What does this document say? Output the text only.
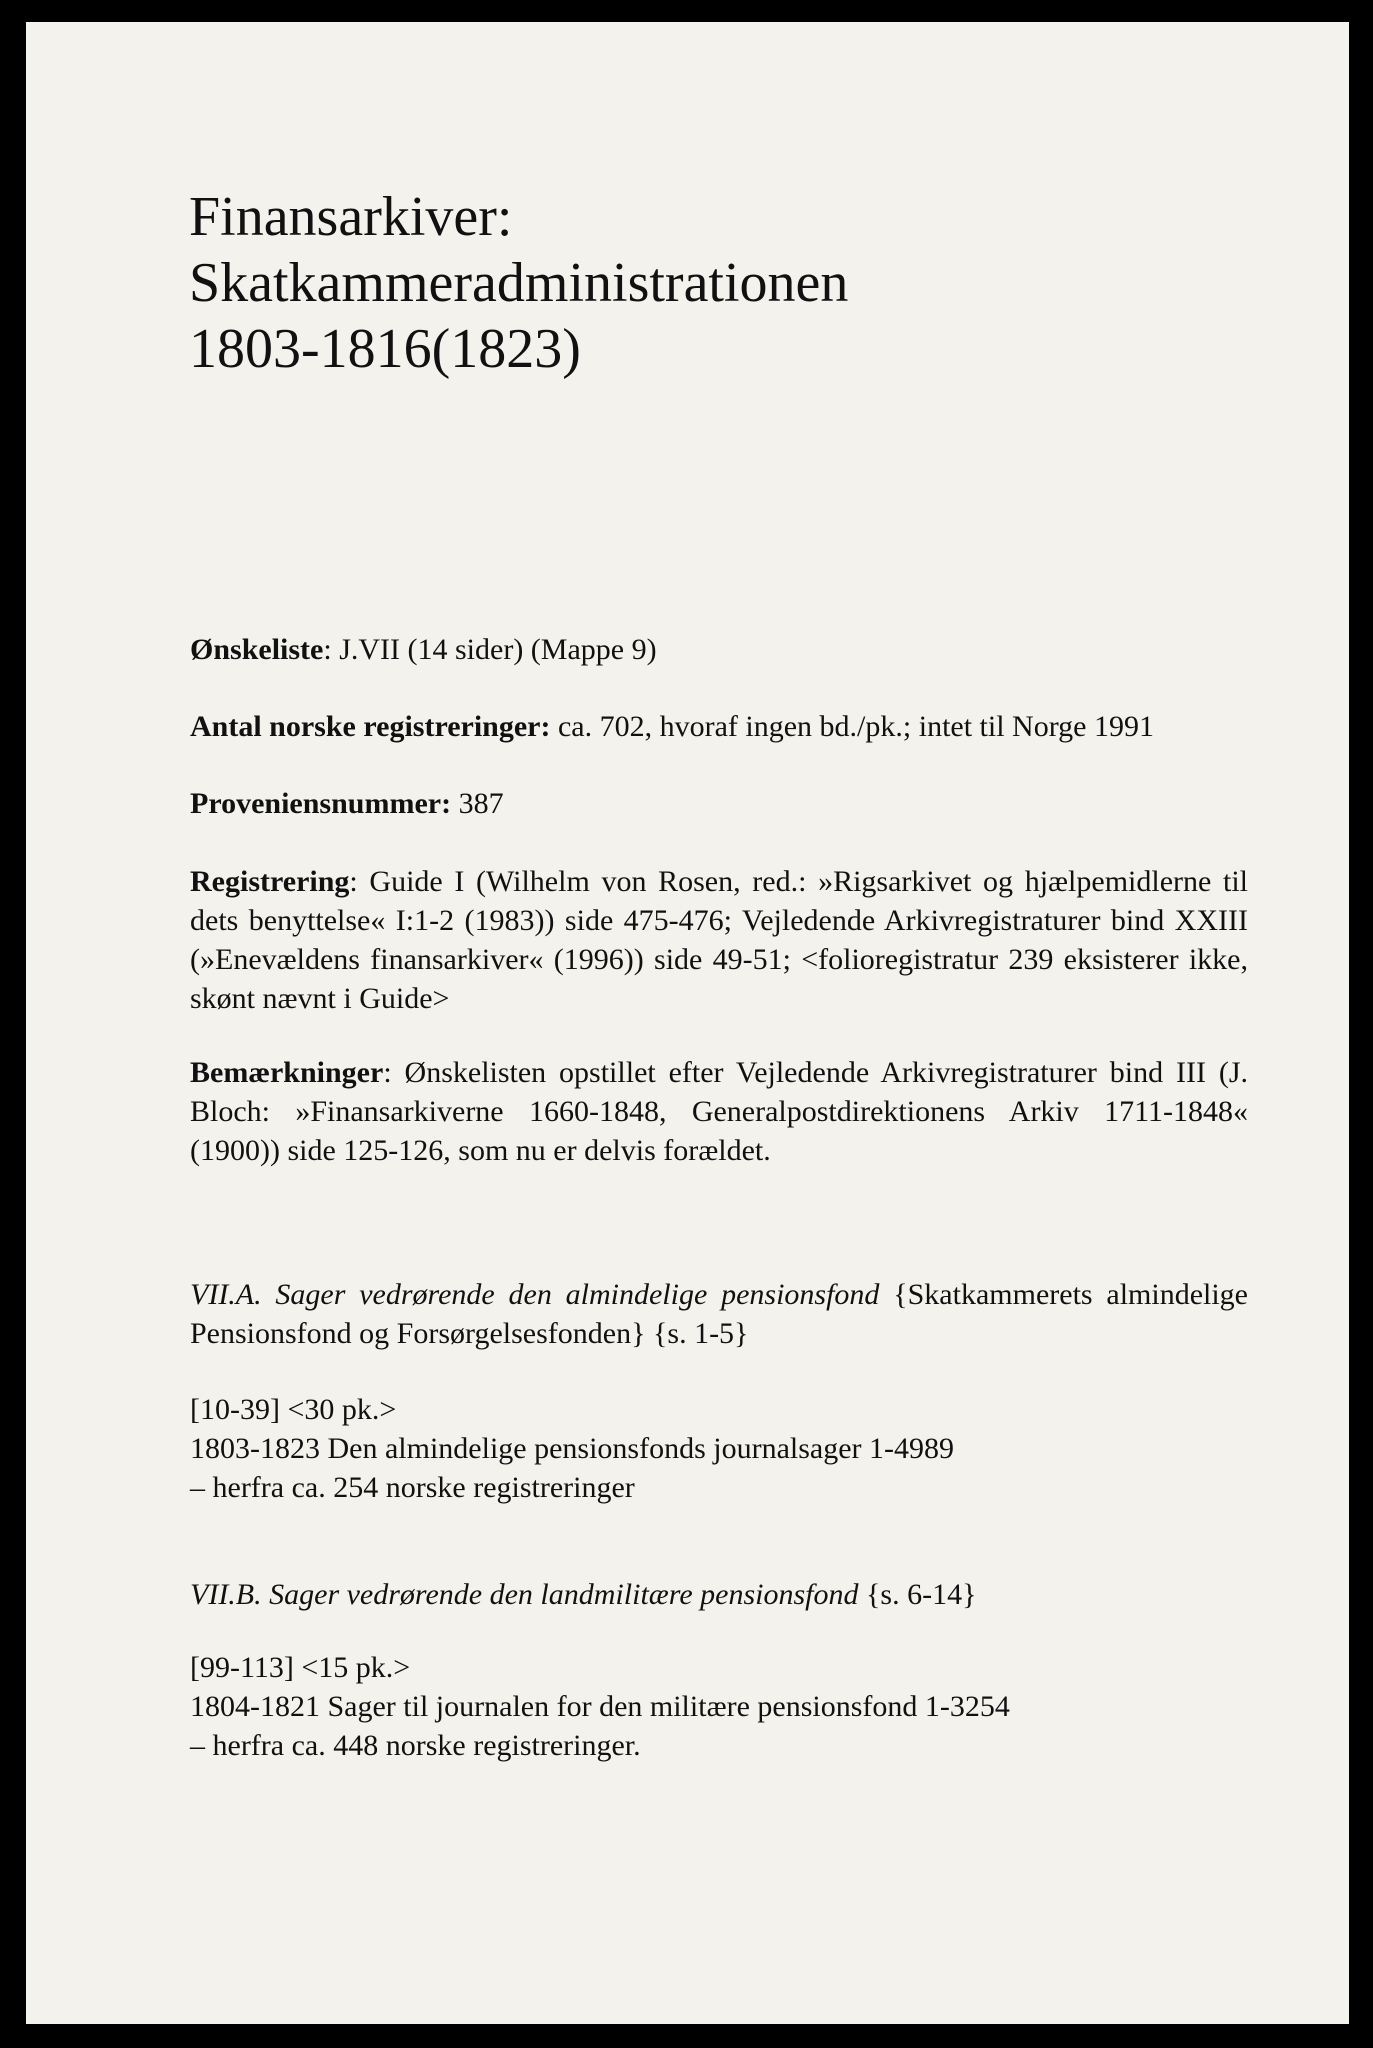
Finansarkiver:
Skatkammeradministrationen
1803-1816(1823)

Ønskeliste: J.VII (14 sider) (Mappe 9)

Antal norske registreringer: ca. 702, hvoraf ingen bd./pk.; intet til Norge 1991

Proveniensnummer: 387

Registrering: Guide I (Wilhelm von Rosen, red.: »Rigsarkivet og hjælpemidlerne til dets benyttelse« I:1-2 (1983)) side 475-476; Vejledende Arkivregistraturer bind XXIII (»Enevældens finansarkiver« (1996)) side 49-51; <folioregistratur 239 eksisterer ikke, skønt nævnt i Guide>

Bemærkninger: Ønskelisten opstillet efter Vejledende Arkivregistraturer bind III (J. Bloch: »Finansarkiverne 1660-1848, Generalpostdirektionens Arkiv 1711-1848« (1900)) side 125-126, som nu er delvis forældet.

VII.A. Sager vedrørende den almindelige pensionsfond {Skatkammerets almindelige Pensionsfond og Forsørgelsesfonden} {s. 1-5}

[10-39] <30 pk.>
1803-1823 Den almindelige pensionsfonds journalsager 1-4989
– herfra ca. 254 norske registreringer

VII.B. Sager vedrørende den landmilitære pensionsfond {s. 6-14}

[99-113] <15 pk.>
1804-1821 Sager til journalen for den militære pensionsfond 1-3254
– herfra ca. 448 norske registreringer.
